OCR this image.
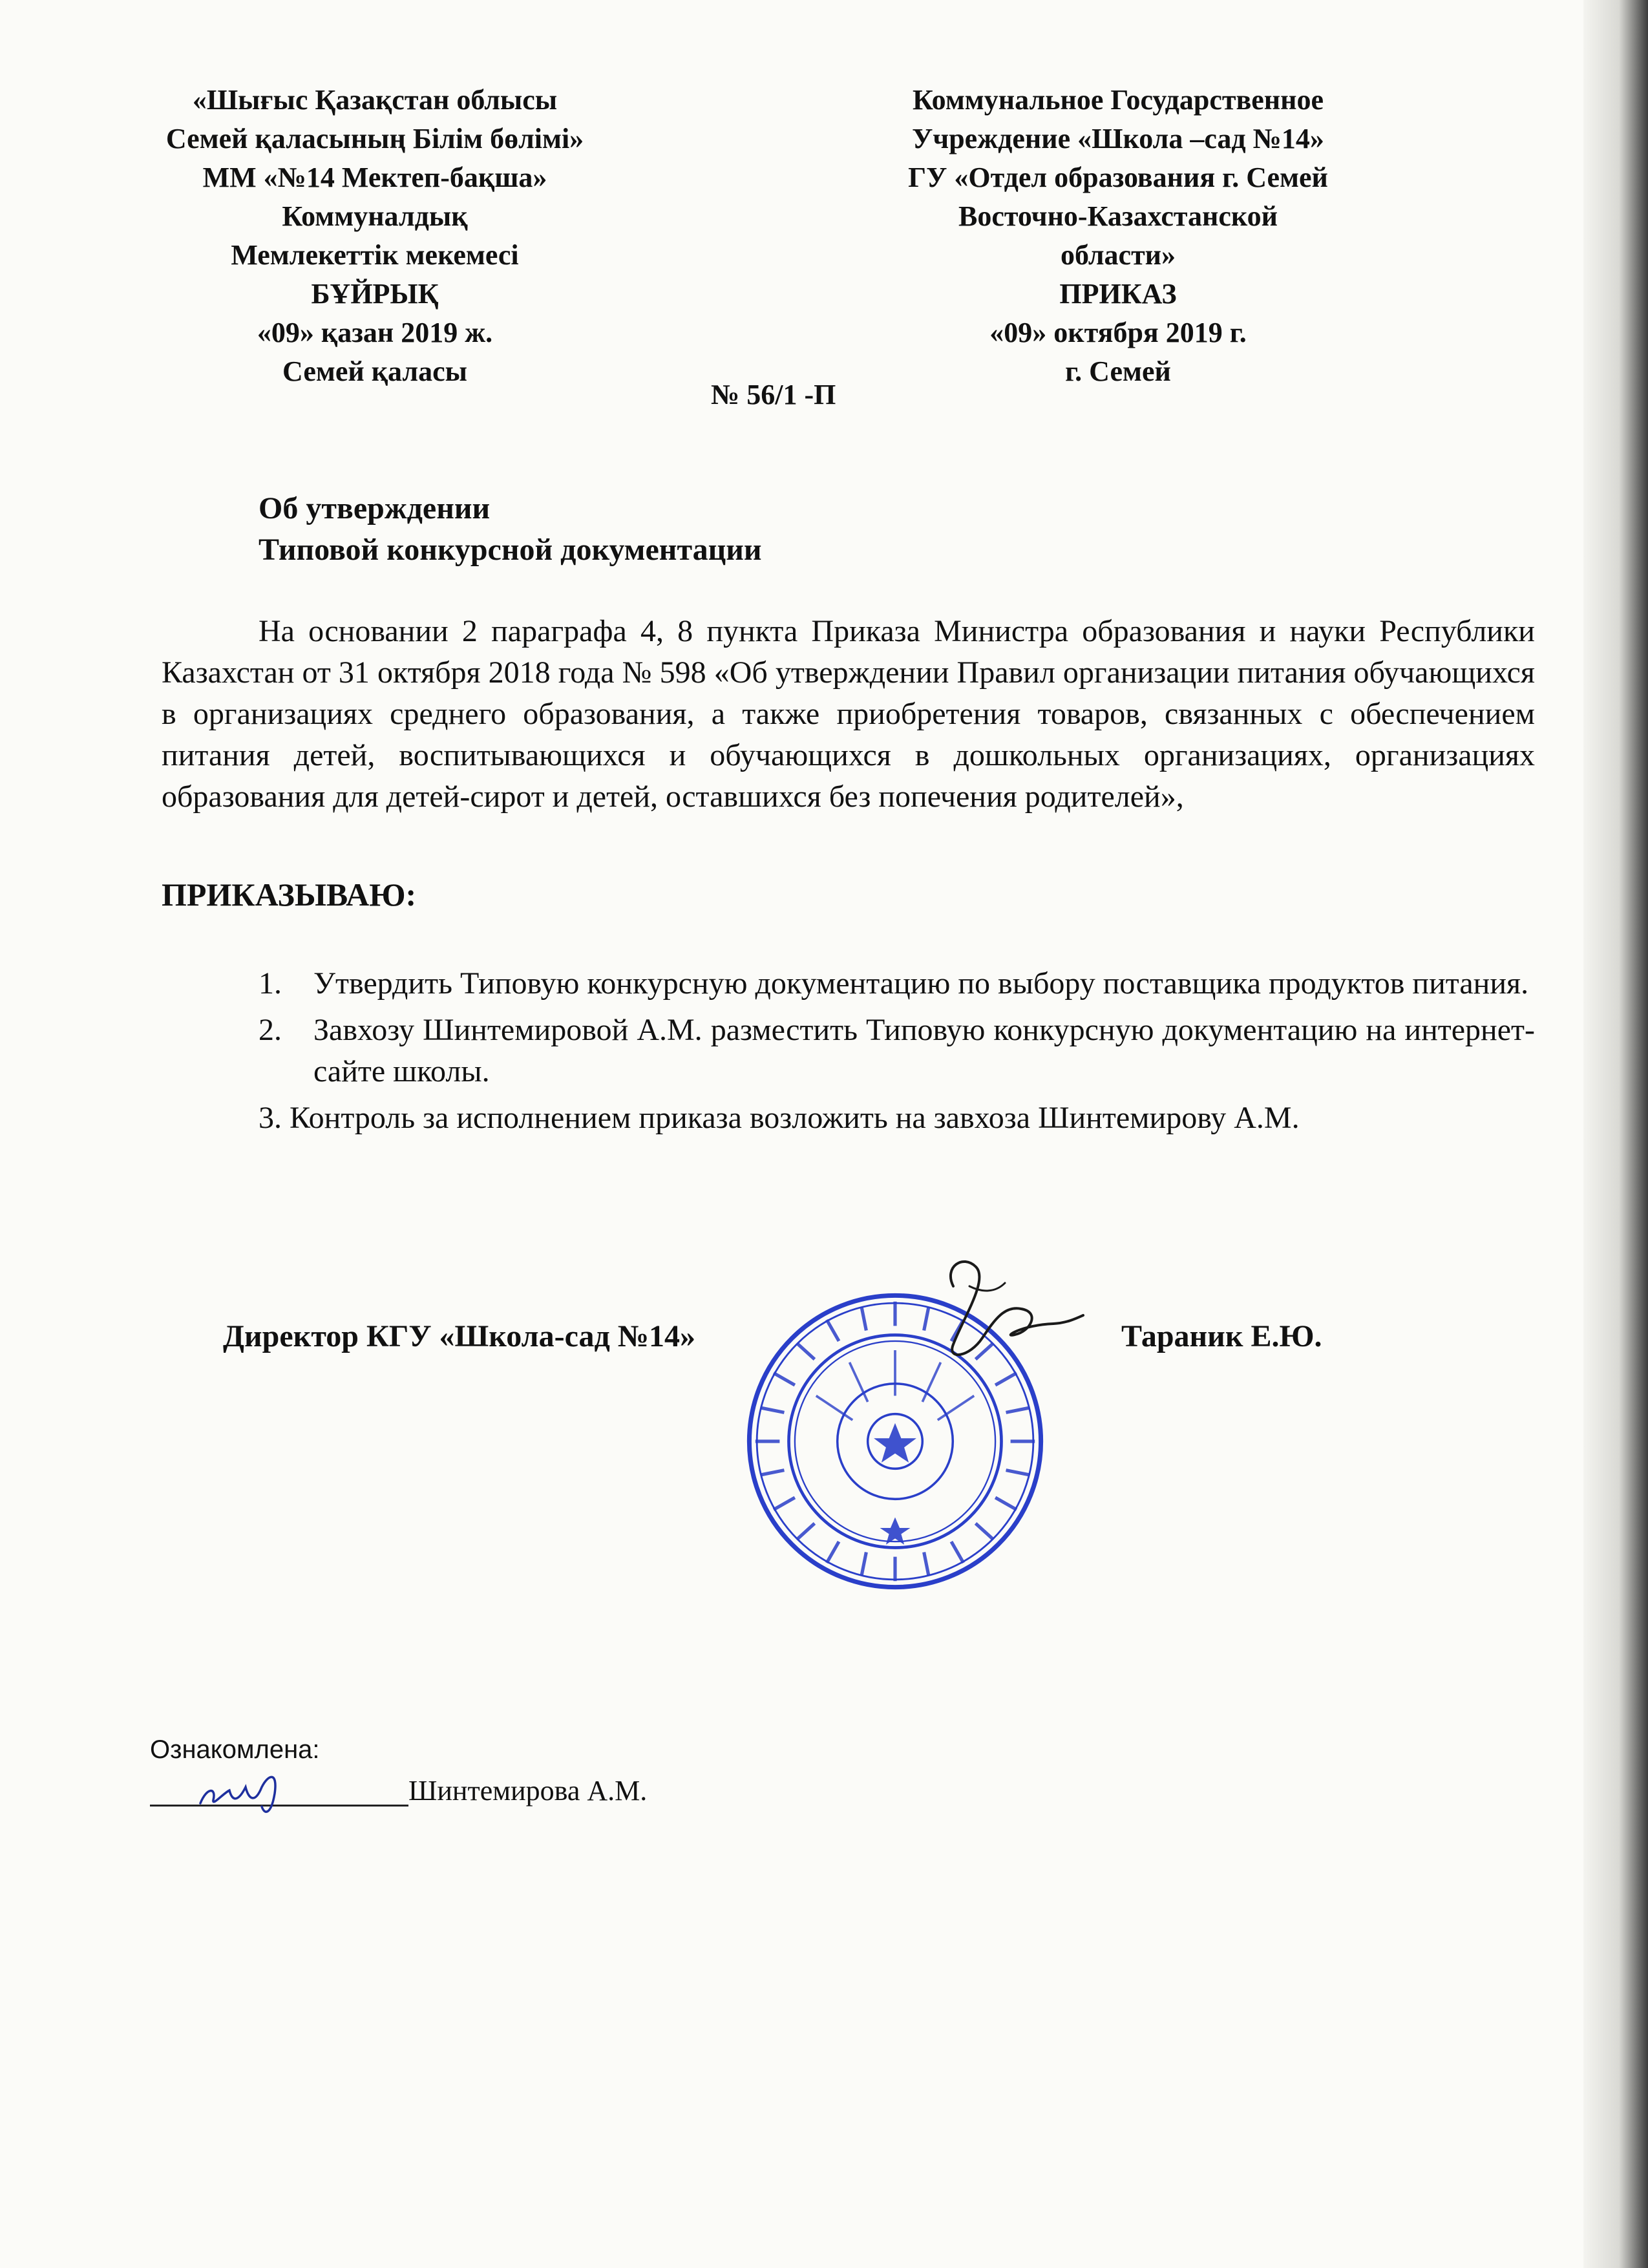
«Шығыс Қазақстан облысы
Семей қаласының Білім бөлімі»
ММ «№14 Мектеп-бақша»
Коммуналдық
Мемлекеттік мекемесі
БҰЙРЫҚ
«09» қазан 2019 ж.
Семей қаласы
Коммунальное Государственное
Учреждение «Школа –сад №14»
ГУ «Отдел образования г. Семей
Восточно-Казахстанской
области»
ПРИКАЗ
«09» октября 2019 г.
г. Семей
№ 56/1 -П
Об утверждении
Типовой конкурсной документации
На основании 2 параграфа 4, 8 пункта Приказа Министра образования и науки Республики Казахстан от 31 октября 2018 года № 598 «Об утверждении Правил организации питания обучающихся в организациях среднего образования, а также приобретения товаров, связанных с обеспечением питания детей, воспитывающихся и обучающихся в дошкольных организациях, организациях образования для детей-сирот и детей, оставшихся без попечения родителей»,
ПРИКАЗЫВАЮ:
1. Утвердить Типовую конкурсную документацию по выбору поставщика продуктов питания.
2. Завхозу Шинтемировой А.М. разместить Типовую конкурсную документацию на интернет-сайте школы.
3. Контроль за исполнением приказа возложить на завхоза Шинтемирову А.М.
Директор КГУ «Школа-сад №14»	Тараник Е.Ю.
Ознакомлена:
Шинтемирова А.М.
